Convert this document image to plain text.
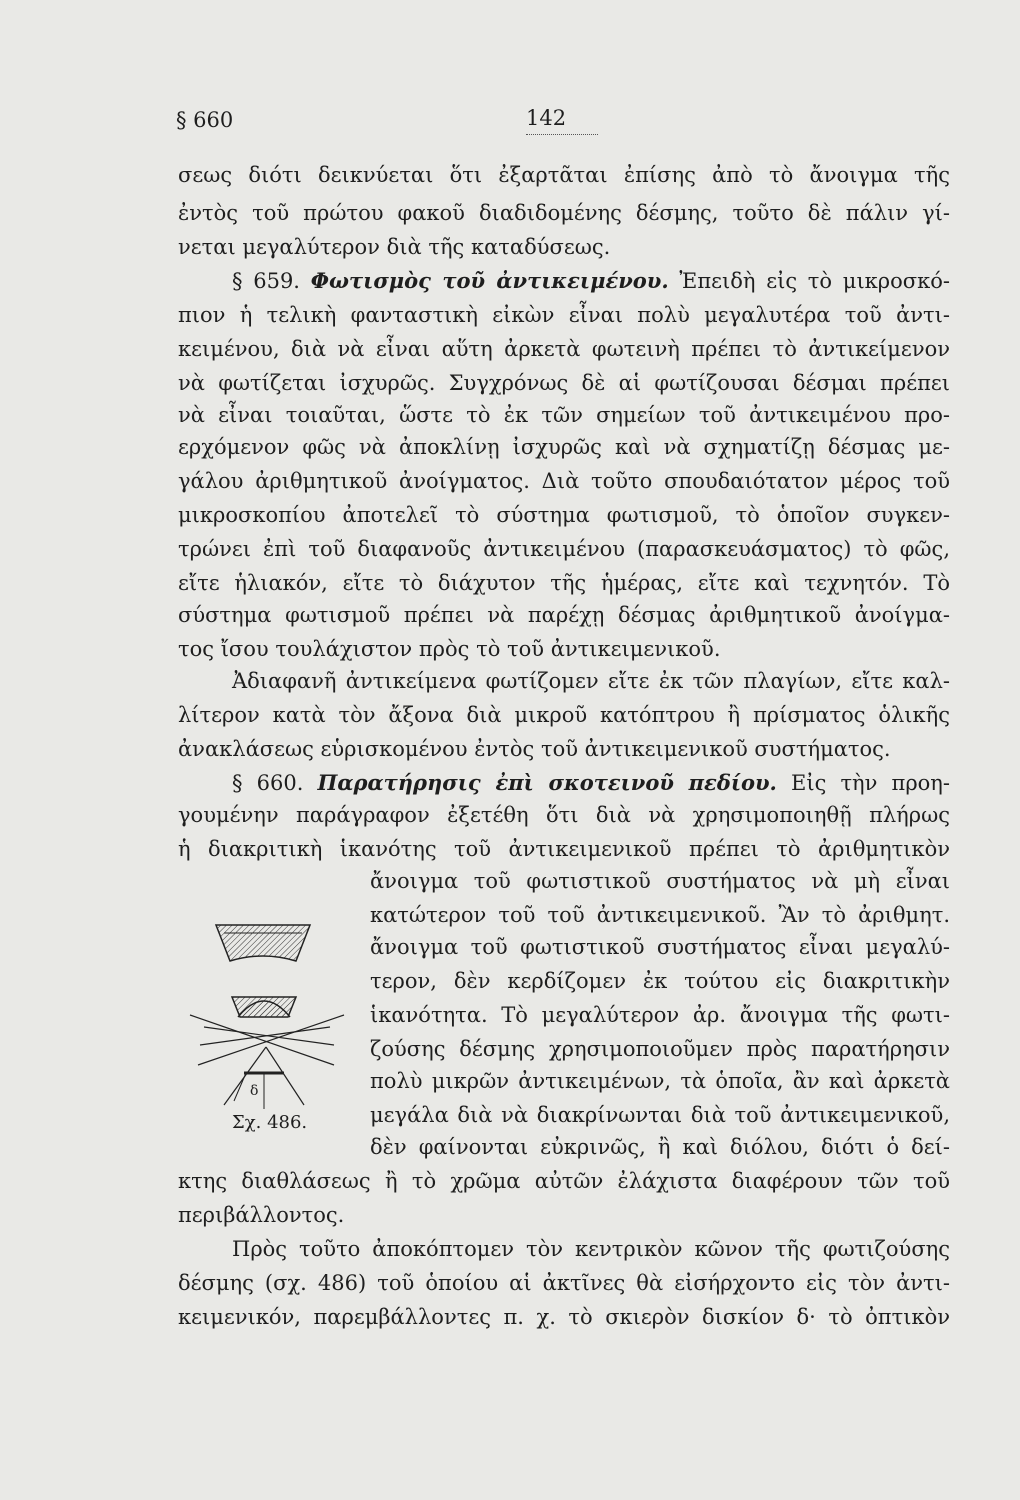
§ 660	142
σεως διότι δεικνύεται ὅτι ἐξαρτᾶται ἐπίσης ἀπὸ τὸ ἄνοιγμα τῆς
ἐντὸς τοῦ πρώτου φακοῦ διαδιδομένης δέσμης, τοῦτο δὲ πάλιν γί-
νεται μεγαλύτερον διὰ τῆς καταδύσεως.
§ 659. Φωτισμὸς τοῦ ἀντικειμένου. Ἐπειδὴ εἰς τὸ μικροσκό-
πιον ἡ τελικὴ φανταστικὴ εἰκὼν εἶναι πολὺ μεγαλυτέρα τοῦ ἀντι-
κειμένου, διὰ νὰ εἶναι αὕτη ἀρκετὰ φωτεινὴ πρέπει τὸ ἀντικείμενον
νὰ φωτίζεται ἰσχυρῶς. Συγχρόνως δὲ αἱ φωτίζουσαι δέσμαι πρέπει
νὰ εἶναι τοιαῦται, ὥστε τὸ ἐκ τῶν σημείων τοῦ ἀντικειμένου προ-
ερχόμενον φῶς νὰ ἀποκλίνῃ ἰσχυρῶς καὶ νὰ σχηματίζῃ δέσμας με-
γάλου ἀριθμητικοῦ ἀνοίγματος. Διὰ τοῦτο σπουδαιότατον μέρος τοῦ
μικροσκοπίου ἀποτελεῖ τὸ σύστημα φωτισμοῦ, τὸ ὁποῖον συγκεν-
τρώνει ἐπὶ τοῦ διαφανοῦς ἀντικειμένου (παρασκευάσματος) τὸ φῶς,
εἴτε ἡλιακόν, εἴτε τὸ διάχυτον τῆς ἡμέρας, εἴτε καὶ τεχνητόν. Τὸ
σύστημα φωτισμοῦ πρέπει νὰ παρέχῃ δέσμας ἀριθμητικοῦ ἀνοίγμα-
τος ἴσου τουλάχιστον πρὸς τὸ τοῦ ἀντικειμενικοῦ.
Ἀδιαφανῆ ἀντικείμενα φωτίζομεν εἴτε ἐκ τῶν πλαγίων, εἴτε καλ-
λίτερον κατὰ τὸν ἄξονα διὰ μικροῦ κατόπτρου ἢ πρίσματος ὁλικῆς
ἀνακλάσεως εὑρισκομένου ἐντὸς τοῦ ἀντικειμενικοῦ συστήματος.
§ 660. Παρατήρησις ἐπὶ σκοτεινοῦ πεδίου. Εἰς τὴν προη-
γουμένην παράγραφον ἐξετέθη ὅτι διὰ νὰ χρησιμοποιηθῇ πλήρως
ἡ διακριτικὴ ἱκανότης τοῦ ἀντικειμενικοῦ πρέπει τὸ ἀριθμητικὸν
ἄνοιγμα τοῦ φωτιστικοῦ συστήματος νὰ μὴ εἶναι
κατώτερον τοῦ τοῦ ἀντικειμενικοῦ. Ἂν τὸ ἀριθμητ.
ἄνοιγμα τοῦ φωτιστικοῦ συστήματος εἶναι μεγαλύ-
τερον, δὲν κερδίζομεν ἐκ τούτου εἰς διακριτικὴν
ἱκανότητα. Τὸ μεγαλύτερον ἀρ. ἄνοιγμα τῆς φωτι-
ζούσης δέσμης χρησιμοποιοῦμεν πρὸς παρατήρησιν
πολὺ μικρῶν ἀντικειμένων, τὰ ὁποῖα, ἂν καὶ ἀρκετὰ
μεγάλα διὰ νὰ διακρίνωνται διὰ τοῦ ἀντικειμενικοῦ,
δὲν φαίνονται εὐκρινῶς, ἢ καὶ διόλου, διότι ὁ δεί-
κτης διαθλάσεως ἢ τὸ χρῶμα αὐτῶν ἐλάχιστα διαφέρουν τῶν τοῦ
περιβάλλοντος.
Πρὸς τοῦτο ἀποκόπτομεν τὸν κεντρικὸν κῶνον τῆς φωτιζούσης
δέσμης (σχ. 486) τοῦ ὁποίου αἱ ἀκτῖνες θὰ εἰσήρχοντο εἰς τὸν ἀντι-
κειμενικόν, παρεμβάλλοντες π. χ. τὸ σκιερὸν δισκίον δ· τὸ ὀπτικὸν
δ
Σχ. 486.
